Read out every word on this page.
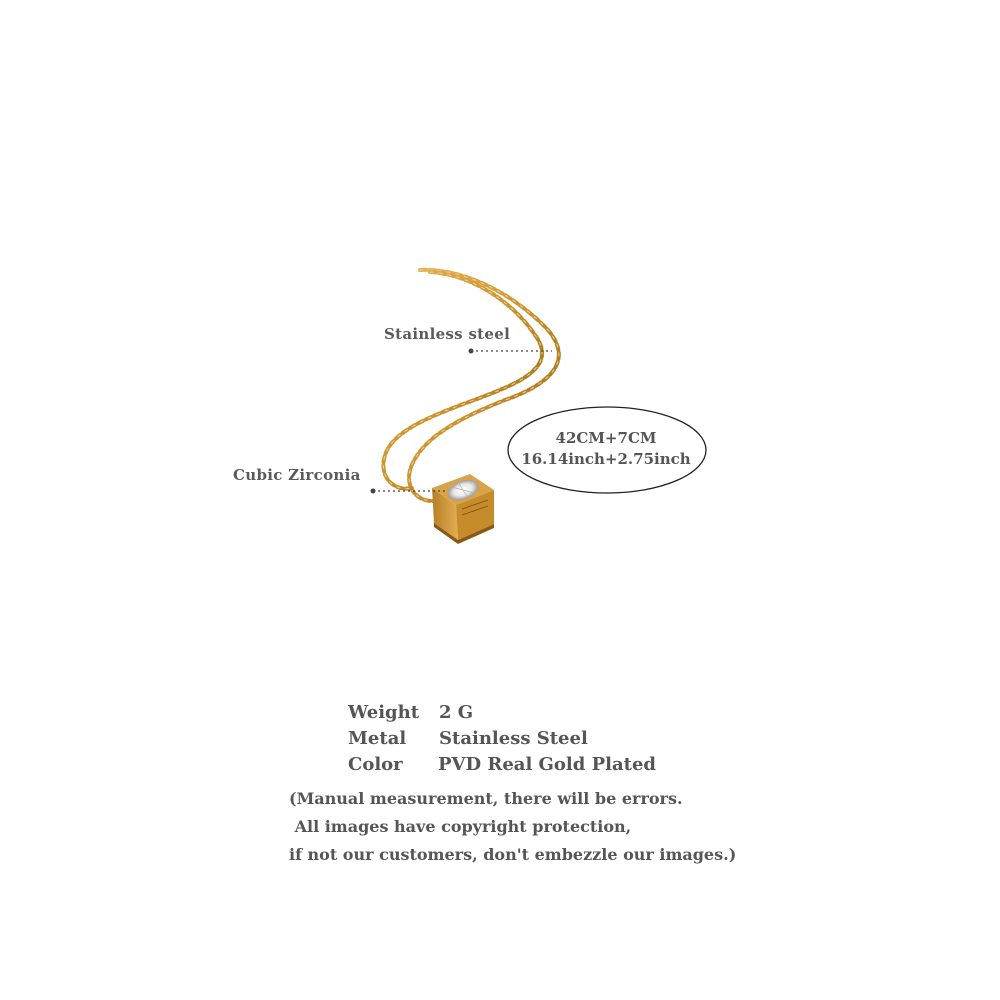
Stainless steel
Cubic Zirconia
42CM+7CM
16.14inch+2.75inch
Weight 2 G
Metal Stainless Steel
Color PVD Real Gold Plated
(Manual measurement, there will be errors.
All images have copyright protection,
if not our customers, don't embezzle our images.)
